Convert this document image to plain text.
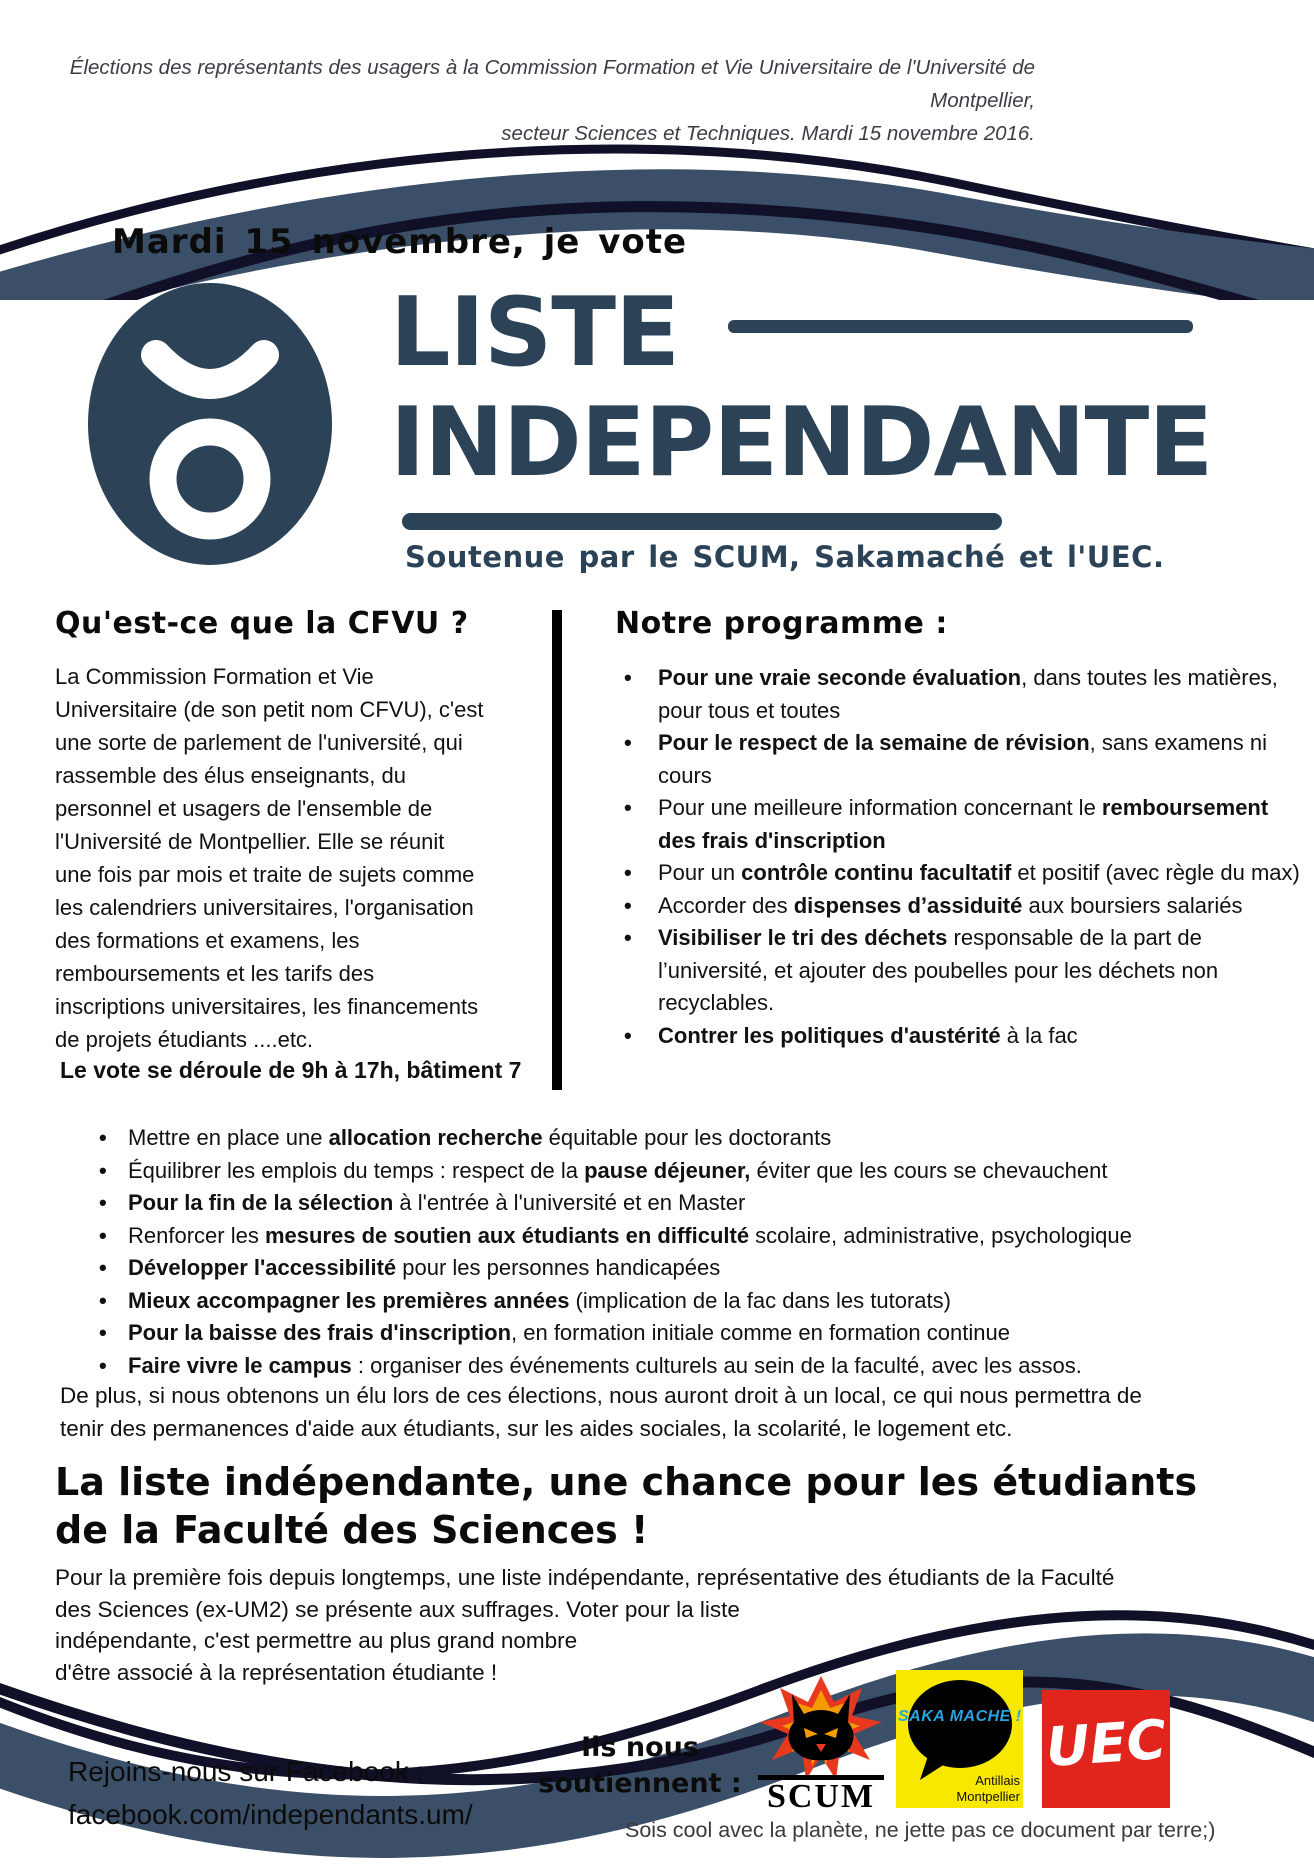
Élections des représentants des usagers à la Commission Formation et Vie Universitaire de l'Université de Montpellier,
secteur Sciences et Techniques. Mardi 15 novembre 2016.
Mardi 15 novembre, je vote
LISTE
INDEPENDANTE
Soutenue par le SCUM, Sakamaché et l'UEC.
Qu'est-ce que la CFVU ?
La Commission Formation et Vie
Universitaire (de son petit nom CFVU), c'est
une sorte de parlement de l'université, qui
rassemble des élus enseignants, du
personnel et usagers de l'ensemble de
l'Université de Montpellier. Elle se réunit
une fois par mois et traite de sujets comme
les calendriers universitaires, l'organisation
des formations et examens, les
remboursements et les tarifs des
inscriptions universitaires, les financements
de projets étudiants ....etc.
Le vote se déroule de 9h à 17h, bâtiment 7
Notre programme :
• Pour une vraie seconde évaluation, dans toutes les matières, pour tous et toutes
• Pour le respect de la semaine de révision, sans examens ni cours
• Pour une meilleure information concernant le remboursement des frais d'inscription
• Pour un contrôle continu facultatif et positif (avec règle du max)
• Accorder des dispenses d’assiduité aux boursiers salariés
• Visibiliser le tri des déchets responsable de la part de l’université, et ajouter des poubelles pour les déchets non recyclables.
• Contrer les politiques d'austérité à la fac
• Mettre en place une allocation recherche équitable pour les doctorants
• Équilibrer les emplois du temps : respect de la pause déjeuner, éviter que les cours se chevauchent
• Pour la fin de la sélection à l'entrée à l'université et en Master
• Renforcer les mesures de soutien aux étudiants en difficulté scolaire, administrative, psychologique
• Développer l'accessibilité pour les personnes handicapées
• Mieux accompagner les premières années (implication de la fac dans les tutorats)
• Pour la baisse des frais d'inscription, en formation initiale comme en formation continue
• Faire vivre le campus : organiser des événements culturels au sein de la faculté, avec les assos.
De plus, si nous obtenons un élu lors de ces élections, nous auront droit à un local, ce qui nous permettra de
tenir des permanences d'aide aux étudiants, sur les aides sociales, la scolarité, le logement etc.
La liste indépendante, une chance pour les étudiants
de la Faculté des Sciences !
Pour la première fois depuis longtemps, une liste indépendante, représentative des étudiants de la Faculté
des Sciences (ex-UM2) se présente aux suffrages. Voter pour la liste
indépendante, c'est permettre au plus grand nombre
d'être associé à la représentation étudiante !
Rejoins-nous sur Facebook :
facebook.com/independants.um/
Ils nous
soutiennent : SCUM
SAKA MACHE !
Antillais
Montpellier
UEC
Sois cool avec la planète, ne jette pas ce document par terre;)
